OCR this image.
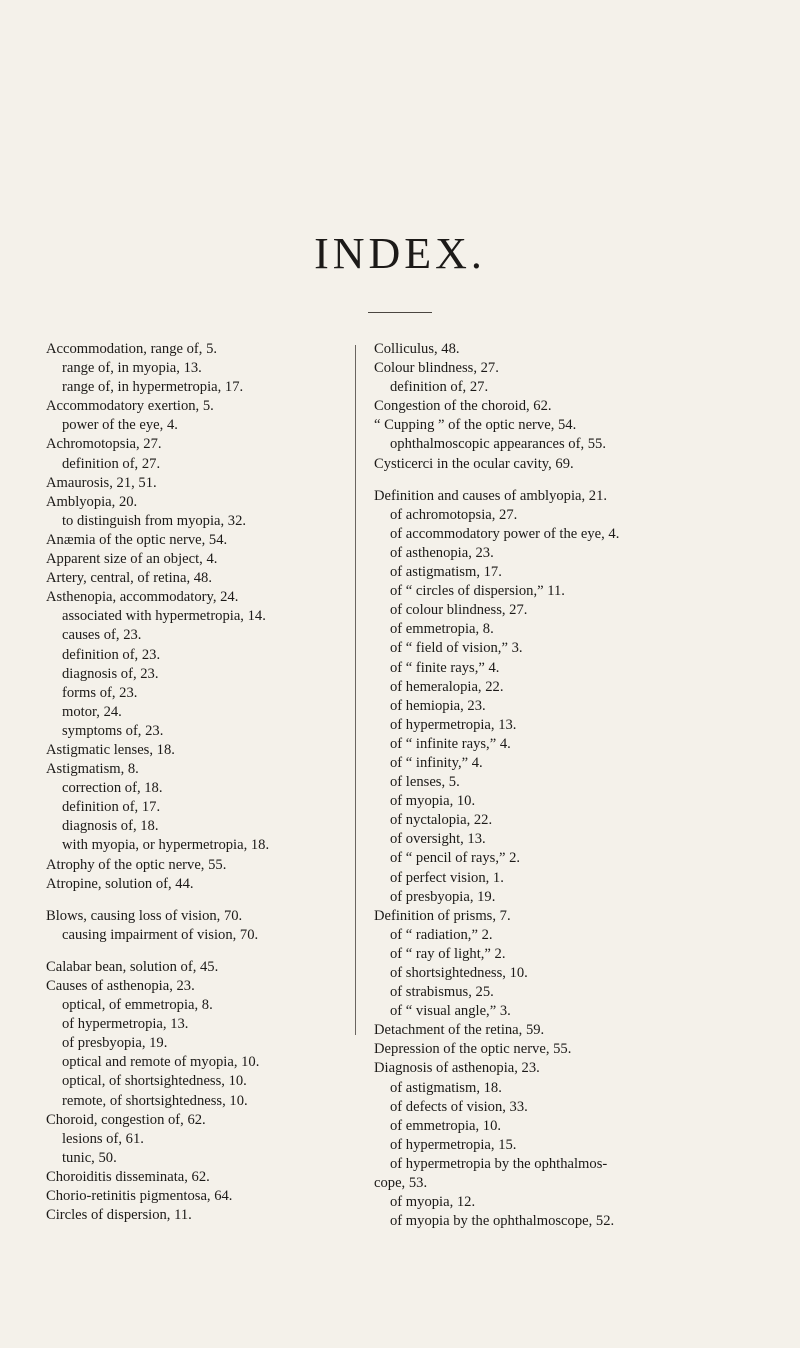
INDEX.
Accommodation, range of, 5.
range of, in myopia, 13.
range of, in hypermetropia, 17.
Accommodatory exertion, 5.
power of the eye, 4.
Achromotopsia, 27.
definition of, 27.
Amaurosis, 21, 51.
Amblyopia, 20.
to distinguish from myopia, 32.
Anæmia of the optic nerve, 54.
Apparent size of an object, 4.
Artery, central, of retina, 48.
Asthenopia, accommodatory, 24.
associated with hypermetropia, 14.
causes of, 23.
definition of, 23.
diagnosis of, 23.
forms of, 23.
motor, 24.
symptoms of, 23.
Astigmatic lenses, 18.
Astigmatism, 8.
correction of, 18.
definition of, 17.
diagnosis of, 18.
with myopia, or hypermetropia, 18.
Atrophy of the optic nerve, 55.
Atropine, solution of, 44.
Blows, causing loss of vision, 70.
causing impairment of vision, 70.
Calabar bean, solution of, 45.
Causes of asthenopia, 23.
optical, of emmetropia, 8.
of hypermetropia, 13.
of presbyopia, 19.
optical and remote of myopia, 10.
optical, of shortsightedness, 10.
remote, of shortsightedness, 10.
Choroid, congestion of, 62.
lesions of, 61.
tunic, 50.
Choroiditis disseminata, 62.
Chorio-retinitis pigmentosa, 64.
Circles of dispersion, 11.
Colliculus, 48.
Colour blindness, 27.
definition of, 27.
Congestion of the choroid, 62.
“ Cupping ” of the optic nerve, 54.
ophthalmoscopic appearances of, 55.
Cysticerci in the ocular cavity, 69.
Definition and causes of amblyopia, 21.
of achromotopsia, 27.
of accommodatory power of the eye, 4.
of asthenopia, 23.
of astigmatism, 17.
of “ circles of dispersion,” 11.
of colour blindness, 27.
of emmetropia, 8.
of “ field of vision,” 3.
of “ finite rays,” 4.
of hemeralopia, 22.
of hemiopia, 23.
of hypermetropia, 13.
of “ infinite rays,” 4.
of “ infinity,” 4.
of lenses, 5.
of myopia, 10.
of nyctalopia, 22.
of oversight, 13.
of “ pencil of rays,” 2.
of perfect vision, 1.
of presbyopia, 19.
Definition of prisms, 7.
of “ radiation,” 2.
of “ ray of light,” 2.
of shortsightedness, 10.
of strabismus, 25.
of “ visual angle,” 3.
Detachment of the retina, 59.
Depression of the optic nerve, 55.
Diagnosis of asthenopia, 23.
of astigmatism, 18.
of defects of vision, 33.
of emmetropia, 10.
of hypermetropia, 15.
of hypermetropia by the ophthalmos-
cope, 53.
of myopia, 12.
of myopia by the ophthalmoscope, 52.
